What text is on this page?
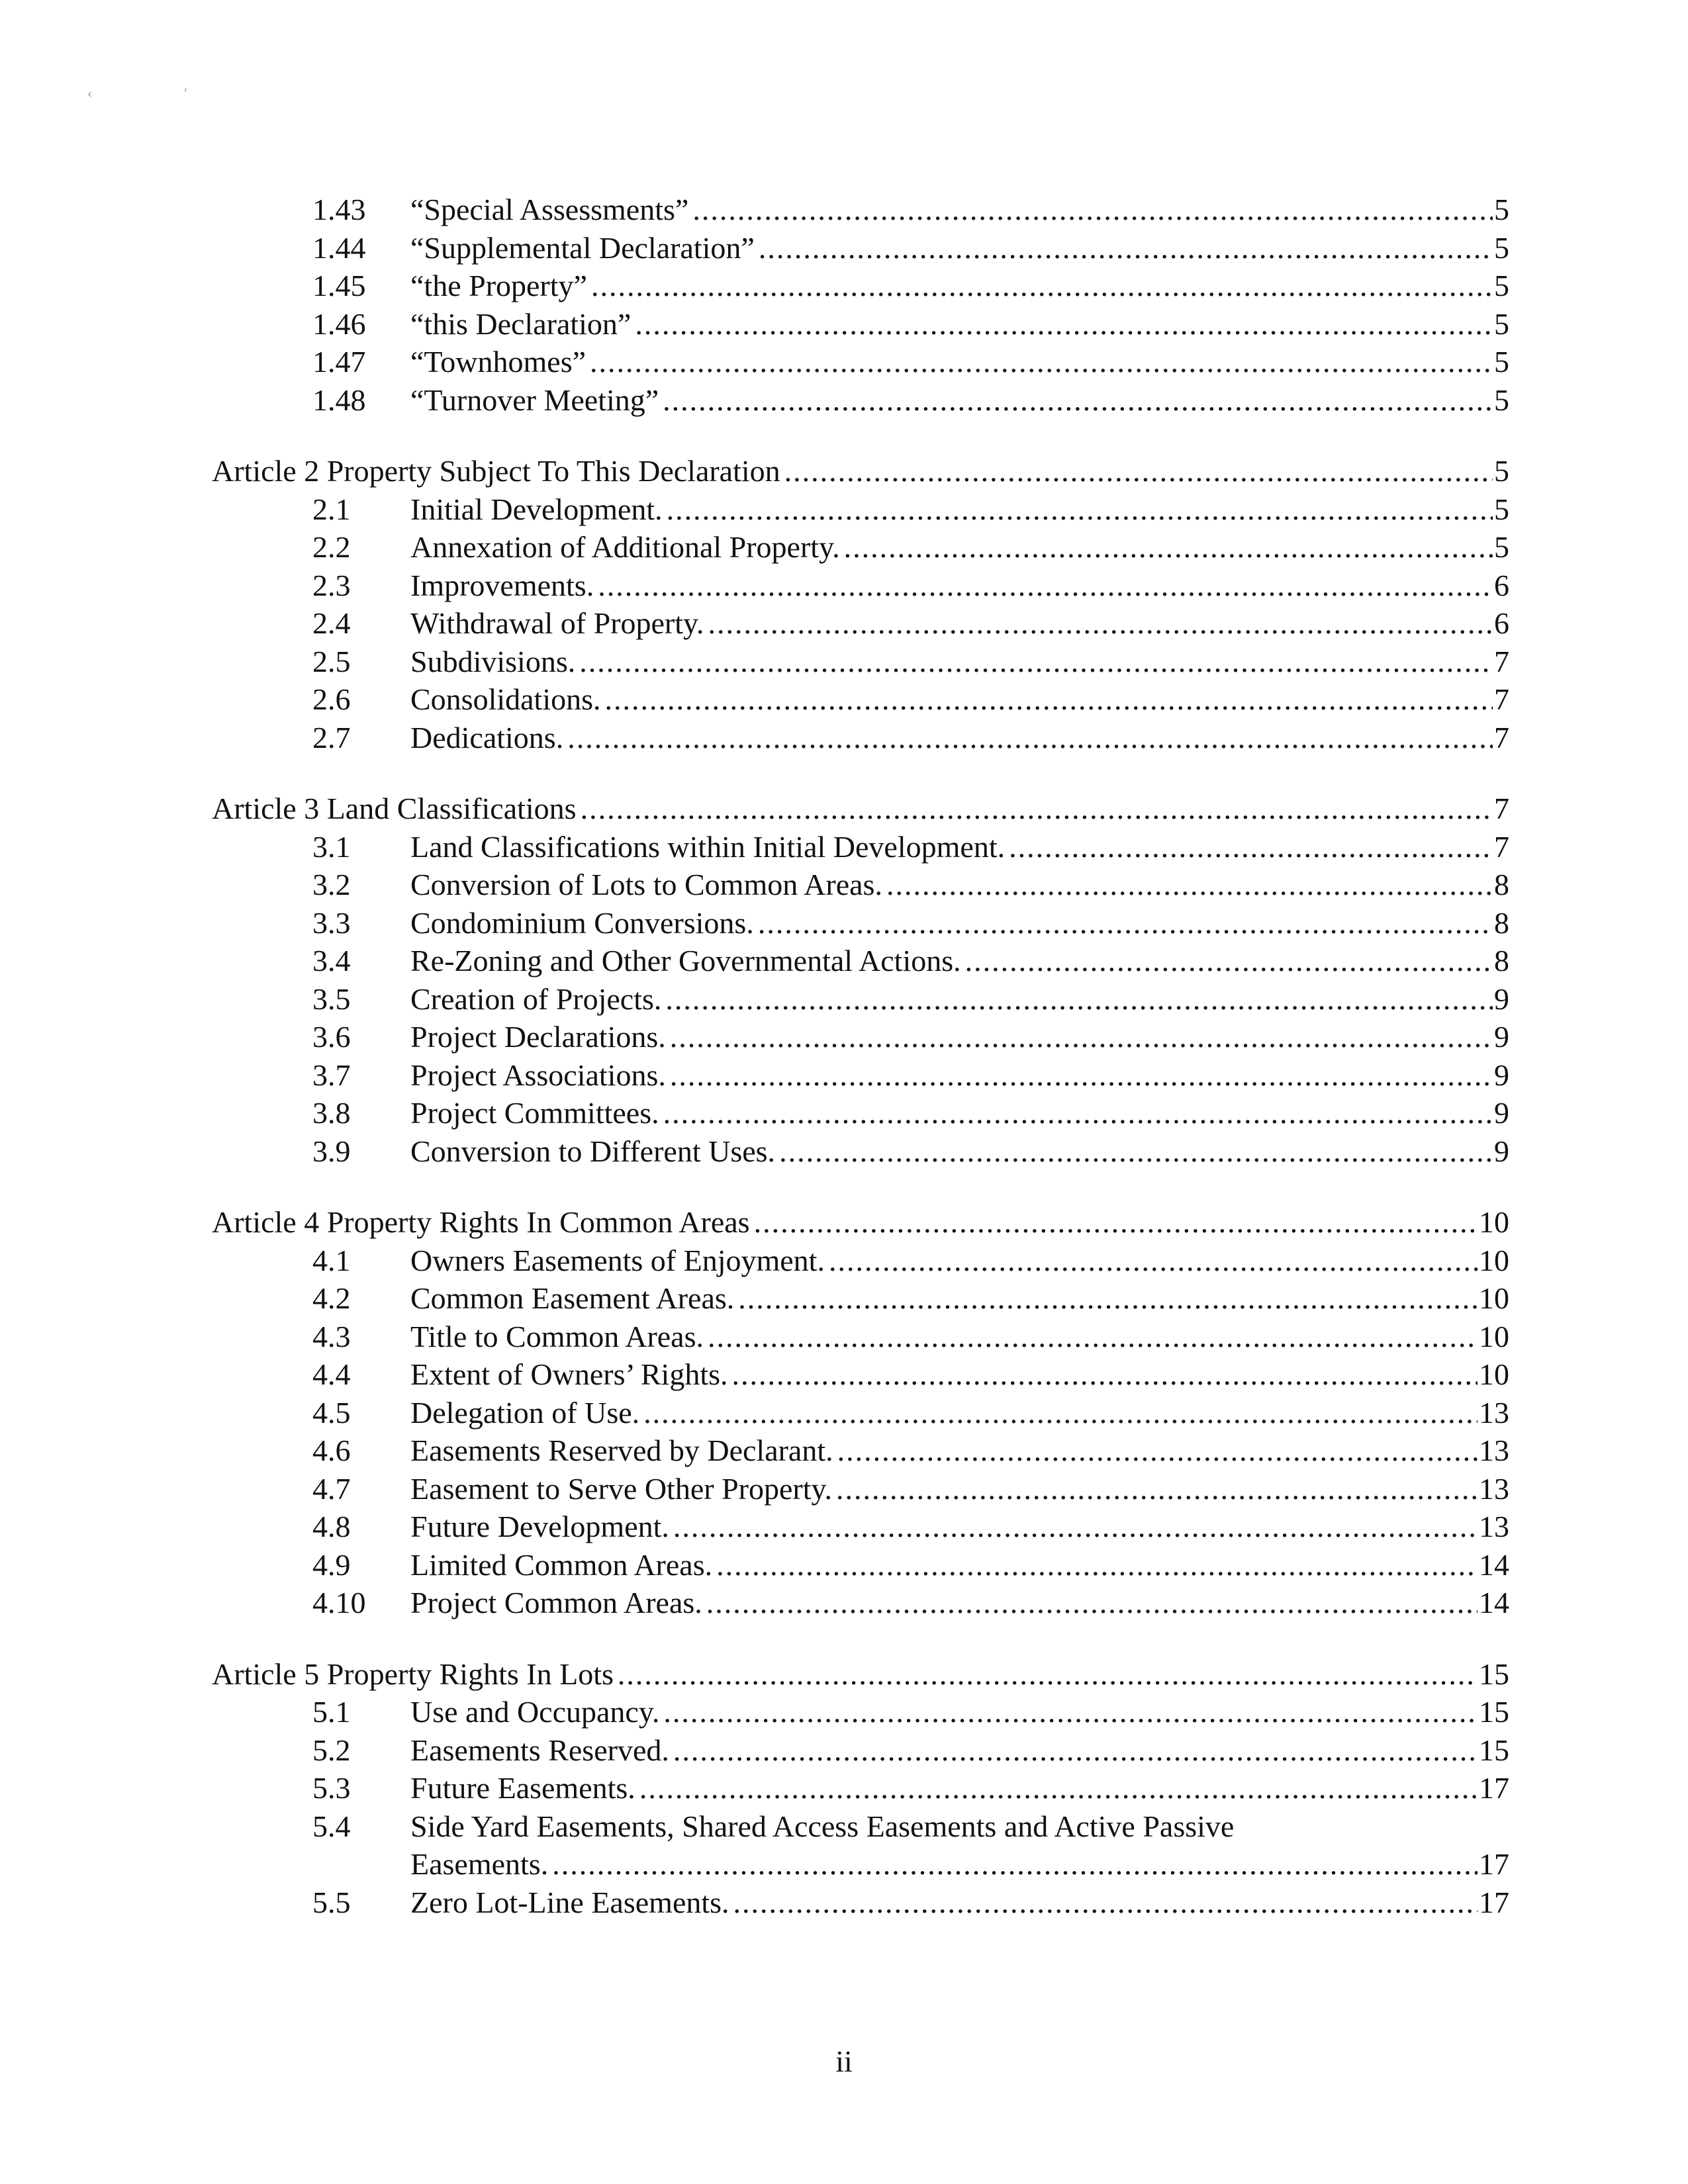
‹	′
1.43	“Special Assessments” .....	5
1.44	“Supplemental Declaration” .....	5
1.45	“the Property” .....	5
1.46	“this Declaration” .....	5
1.47	“Townhomes” .....	5
1.48	“Turnover Meeting” .....	5
Article 2 Property Subject To This Declaration .....	5
2.1	Initial Development. .....	5
2.2	Annexation of Additional Property. .....	5
2.3	Improvements. .....	6
2.4	Withdrawal of Property. .....	6
2.5	Subdivisions. .....	7
2.6	Consolidations. .....	7
2.7	Dedications. .....	7
Article 3 Land Classifications .....	7
3.1	Land Classifications within Initial Development. .....	7
3.2	Conversion of Lots to Common Areas. .....	8
3.3	Condominium Conversions. .....	8
3.4	Re-Zoning and Other Governmental Actions. .....	8
3.5	Creation of Projects. .....	9
3.6	Project Declarations. .....	9
3.7	Project Associations. .....	9
3.8	Project Committees. .....	9
3.9	Conversion to Different Uses. .....	9
Article 4 Property Rights In Common Areas .....	10
4.1	Owners Easements of Enjoyment. .....	10
4.2	Common Easement Areas. .....	10
4.3	Title to Common Areas. .....	10
4.4	Extent of Owners’ Rights. .....	10
4.5	Delegation of Use. .....	13
4.6	Easements Reserved by Declarant. .....	13
4.7	Easement to Serve Other Property. .....	13
4.8	Future Development. .....	13
4.9	Limited Common Areas. .....	14
4.10	Project Common Areas. .....	14
Article 5 Property Rights In Lots .....	15
5.1	Use and Occupancy. .....	15
5.2	Easements Reserved. .....	15
5.3	Future Easements. .....	17
5.4	Side Yard Easements, Shared Access Easements and Active Passive
Easements. .....	17
5.5	Zero Lot-Line Easements. .....	17
ii
